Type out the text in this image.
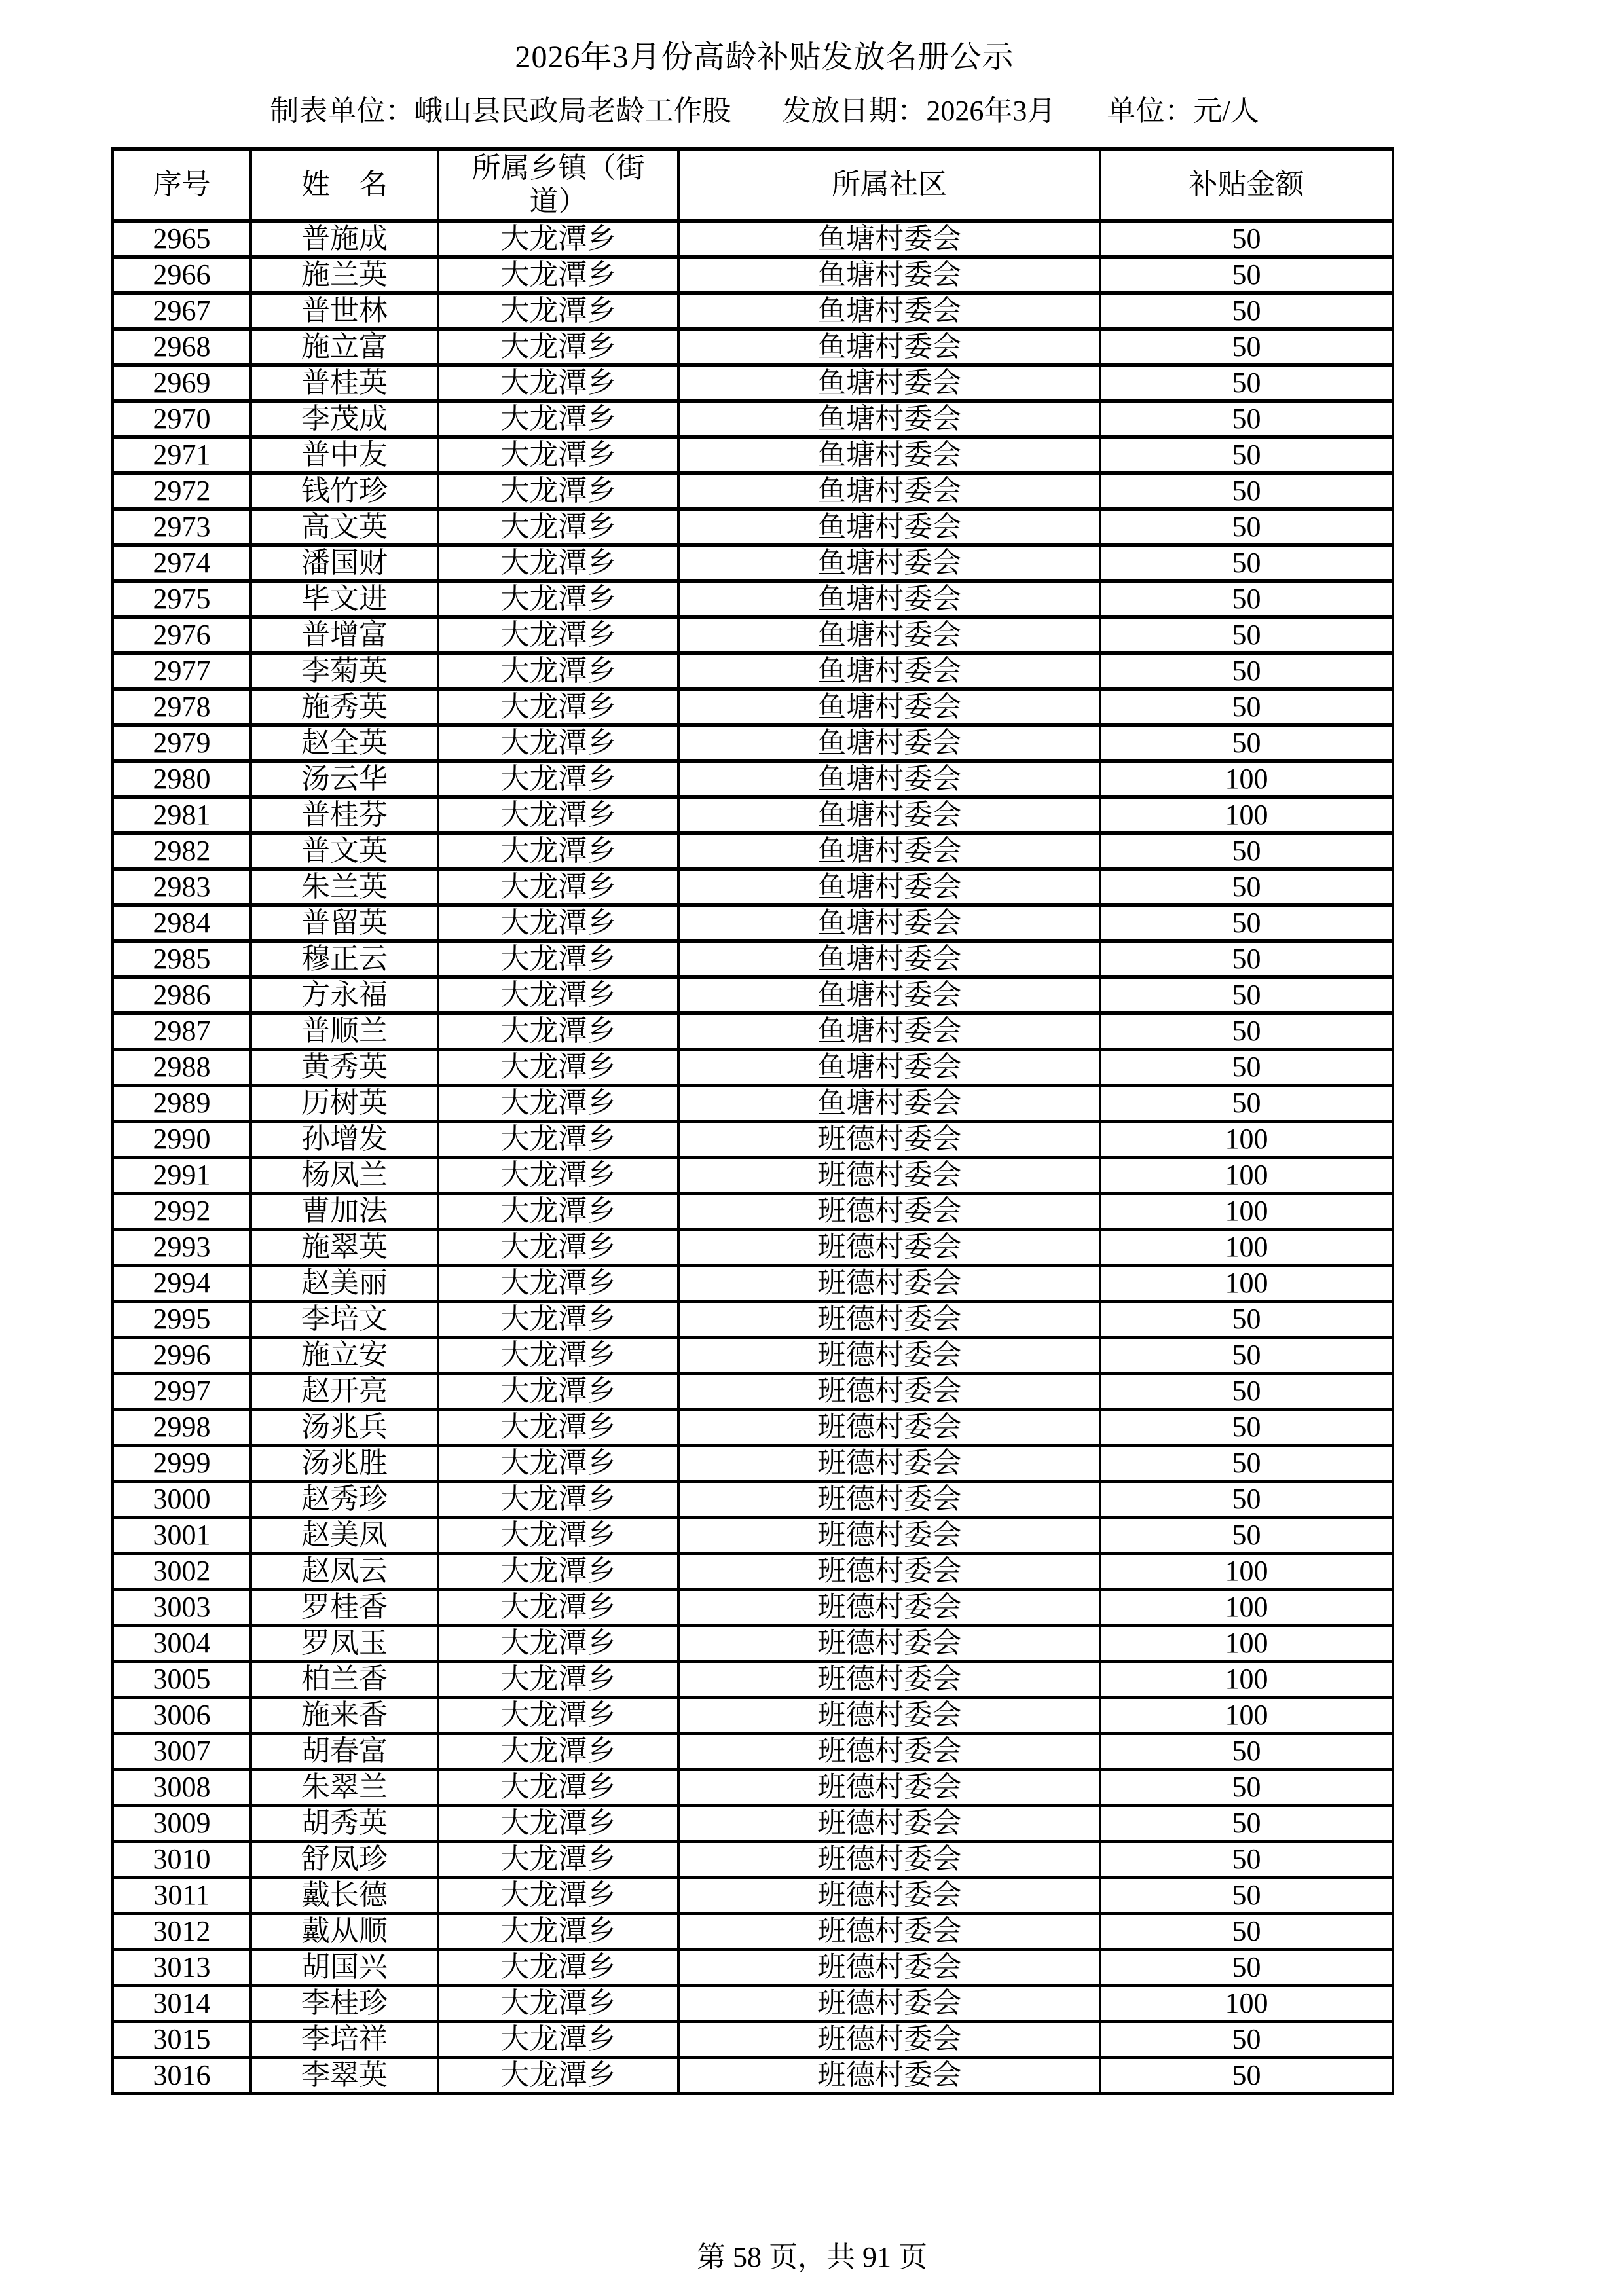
2026年3月份高龄补贴发放名册公示
制表单位：峨山县民政局老龄工作股 发放日期：2026年3月 单位：元/人
序号	姓　名	所属乡镇（街道）	所属社区	补贴金额
2965	普施成	大龙潭乡	鱼塘村委会	50
2966	施兰英	大龙潭乡	鱼塘村委会	50
2967	普世林	大龙潭乡	鱼塘村委会	50
2968	施立富	大龙潭乡	鱼塘村委会	50
2969	普桂英	大龙潭乡	鱼塘村委会	50
2970	李茂成	大龙潭乡	鱼塘村委会	50
2971	普中友	大龙潭乡	鱼塘村委会	50
2972	钱竹珍	大龙潭乡	鱼塘村委会	50
2973	高文英	大龙潭乡	鱼塘村委会	50
2974	潘国财	大龙潭乡	鱼塘村委会	50
2975	毕文进	大龙潭乡	鱼塘村委会	50
2976	普增富	大龙潭乡	鱼塘村委会	50
2977	李菊英	大龙潭乡	鱼塘村委会	50
2978	施秀英	大龙潭乡	鱼塘村委会	50
2979	赵全英	大龙潭乡	鱼塘村委会	50
2980	汤云华	大龙潭乡	鱼塘村委会	100
2981	普桂芬	大龙潭乡	鱼塘村委会	100
2982	普文英	大龙潭乡	鱼塘村委会	50
2983	朱兰英	大龙潭乡	鱼塘村委会	50
2984	普留英	大龙潭乡	鱼塘村委会	50
2985	穆正云	大龙潭乡	鱼塘村委会	50
2986	方永福	大龙潭乡	鱼塘村委会	50
2987	普顺兰	大龙潭乡	鱼塘村委会	50
2988	黄秀英	大龙潭乡	鱼塘村委会	50
2989	历树英	大龙潭乡	鱼塘村委会	50
2990	孙增发	大龙潭乡	班德村委会	100
2991	杨凤兰	大龙潭乡	班德村委会	100
2992	曹加法	大龙潭乡	班德村委会	100
2993	施翠英	大龙潭乡	班德村委会	100
2994	赵美丽	大龙潭乡	班德村委会	100
2995	李培文	大龙潭乡	班德村委会	50
2996	施立安	大龙潭乡	班德村委会	50
2997	赵开亮	大龙潭乡	班德村委会	50
2998	汤兆兵	大龙潭乡	班德村委会	50
2999	汤兆胜	大龙潭乡	班德村委会	50
3000	赵秀珍	大龙潭乡	班德村委会	50
3001	赵美凤	大龙潭乡	班德村委会	50
3002	赵凤云	大龙潭乡	班德村委会	100
3003	罗桂香	大龙潭乡	班德村委会	100
3004	罗凤玉	大龙潭乡	班德村委会	100
3005	柏兰香	大龙潭乡	班德村委会	100
3006	施来香	大龙潭乡	班德村委会	100
3007	胡春富	大龙潭乡	班德村委会	50
3008	朱翠兰	大龙潭乡	班德村委会	50
3009	胡秀英	大龙潭乡	班德村委会	50
3010	舒凤珍	大龙潭乡	班德村委会	50
3011	戴长德	大龙潭乡	班德村委会	50
3012	戴从顺	大龙潭乡	班德村委会	50
3013	胡国兴	大龙潭乡	班德村委会	50
3014	李桂珍	大龙潭乡	班德村委会	100
3015	李培祥	大龙潭乡	班德村委会	50
3016	李翠英	大龙潭乡	班德村委会	50
第 58 页，共 91 页
